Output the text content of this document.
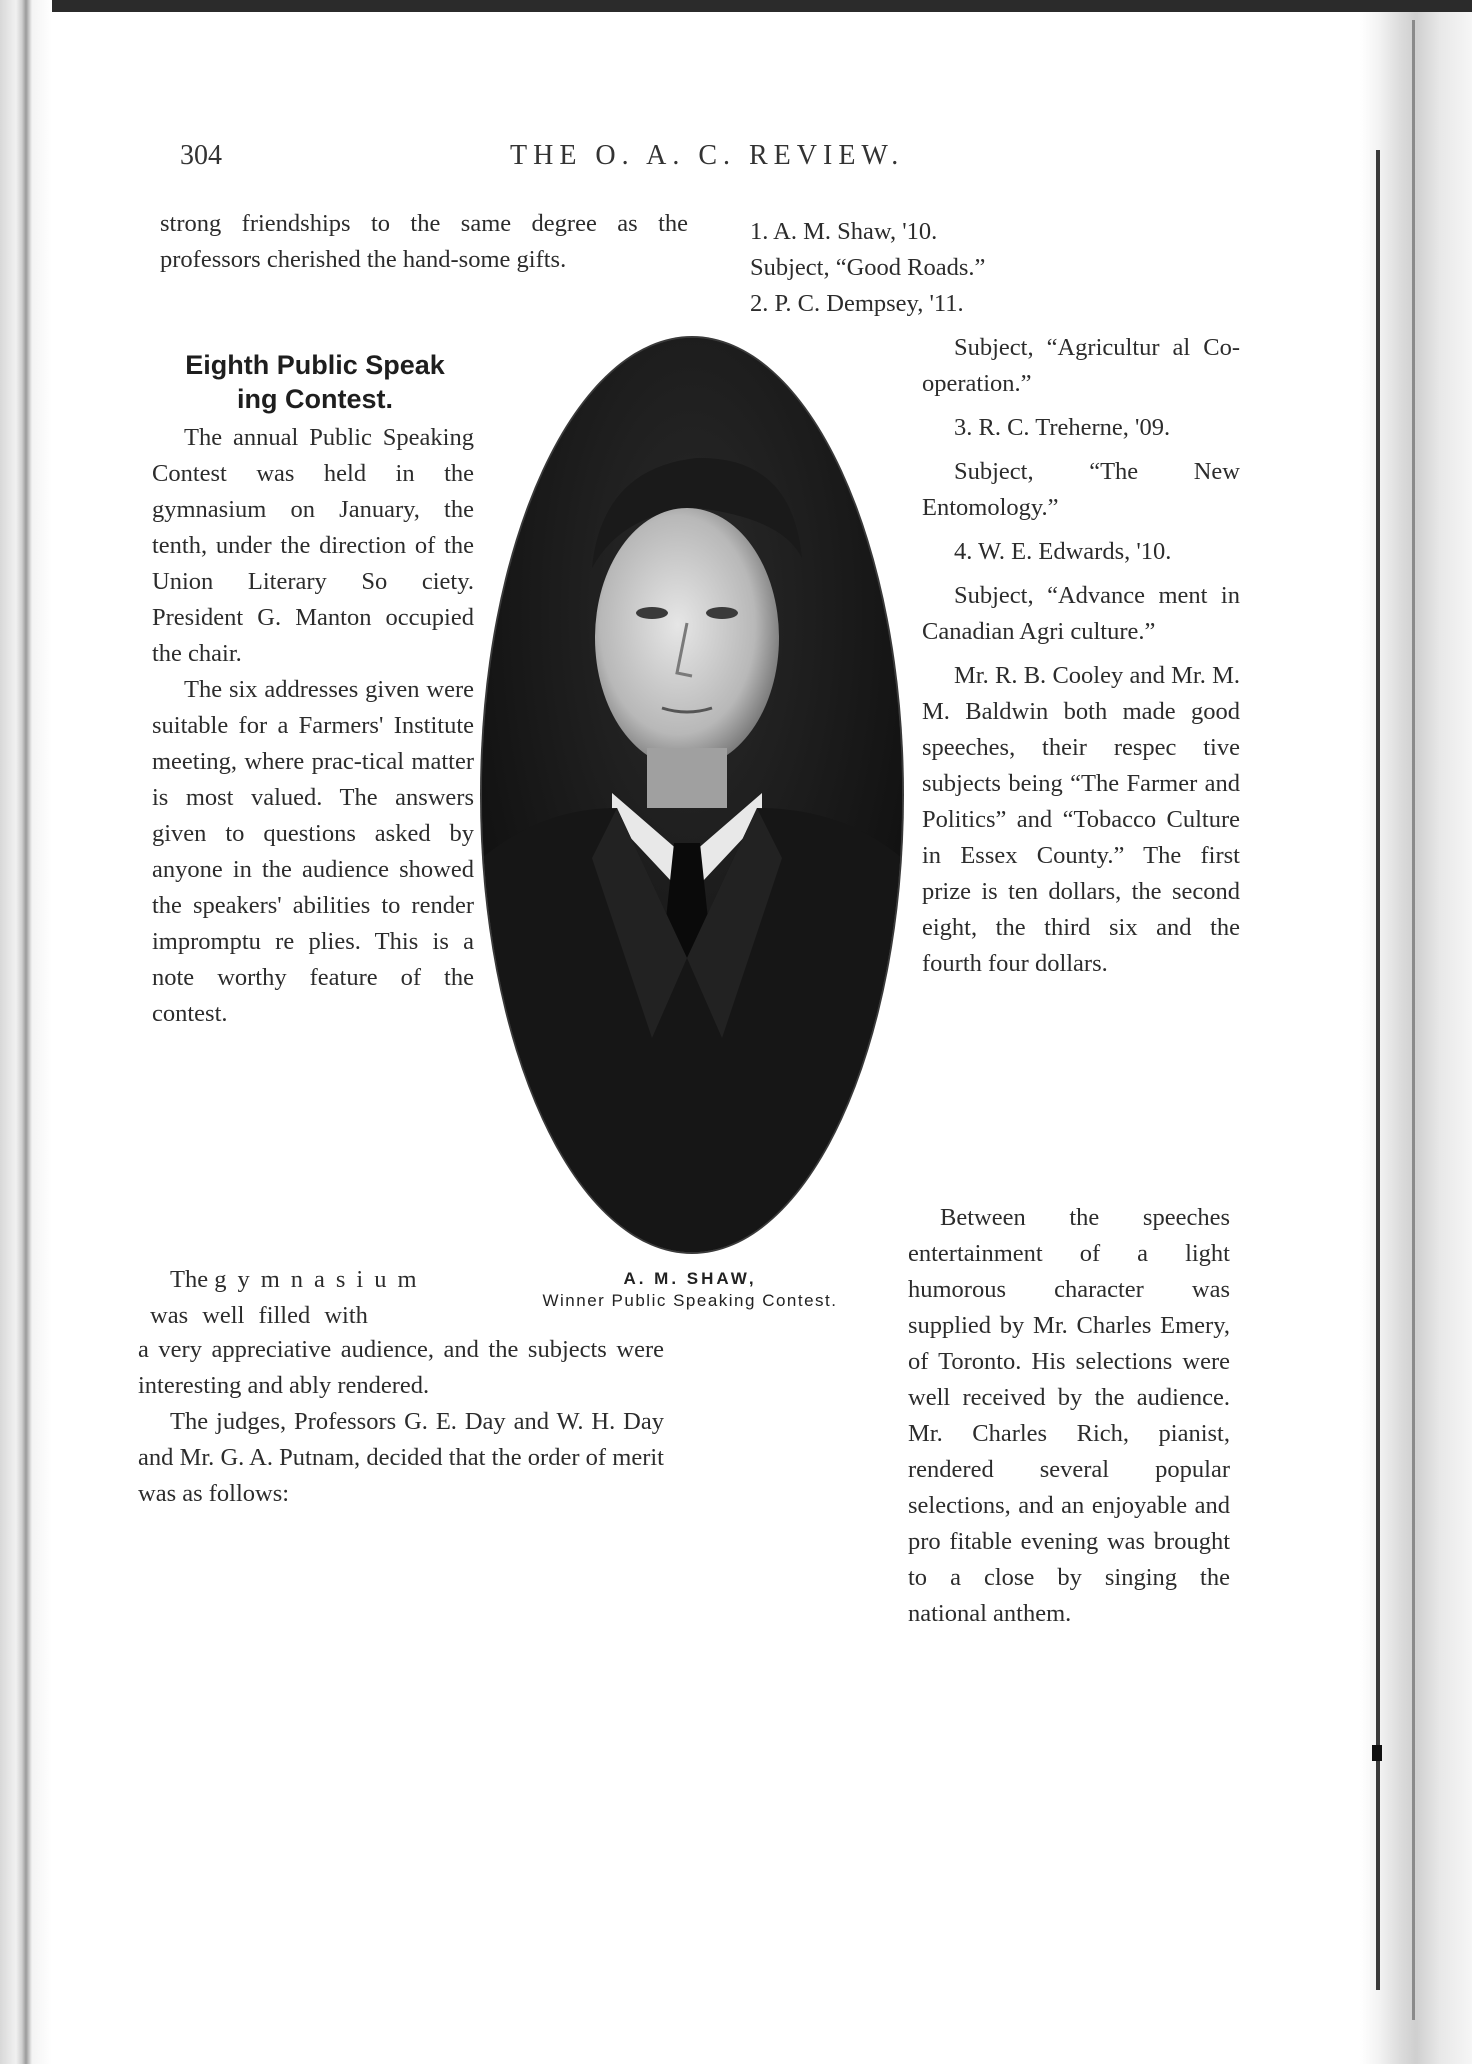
304	THE O. A. C. REVIEW.

strong friendships to the same degree as the professors cherished the hand-some gifts.

Eighth Public Speak
ing Contest.

The annual Public Speaking Contest was held in the gymnasium on January, the tenth, under the direction of the Union Literary So ciety. President G. Manton occupied the chair.

The six addresses given were suitable for a Farmers' Institute meeting, where prac-tical matter is most valued. The answers given to questions asked by anyone in the audience showed the speakers' abilities to render impromptu re plies. This is a note worthy feature of the contest.

The gymnasium
was well filled with

a very appreciative audience, and the subjects were interesting and ably rendered.

The judges, Professors G. E. Day and W. H. Day and Mr. G. A. Putnam, decided that the order of merit was as follows:

1. A. M. Shaw, '10.

Subject, “Good Roads.”

2. P. C. Dempsey, '11.

Subject, “Agricultur al Co-operation.”

3. R. C. Treherne, '09.

Subject, “The New Entomology.”

4. W. E. Edwards, '10.

Subject, “Advance ment in Canadian Agri culture.”

Mr. R. B. Cooley and Mr. M. M. Baldwin both made good speeches, their respec tive subjects being “The Farmer and Politics” and “Tobacco Culture in Essex County.” The first prize is ten dollars, the second eight, the third six and the fourth four dollars.

Between the speeches entertainment of a light humorous character was supplied by Mr. Charles Emery, of Toronto. His selections were well received by the audience. Mr. Charles Rich, pianist, rendered several popular selections, and an enjoyable and pro fitable evening was brought to a close by singing the national anthem.

A. M. SHAW,
Winner Public Speaking Contest.
